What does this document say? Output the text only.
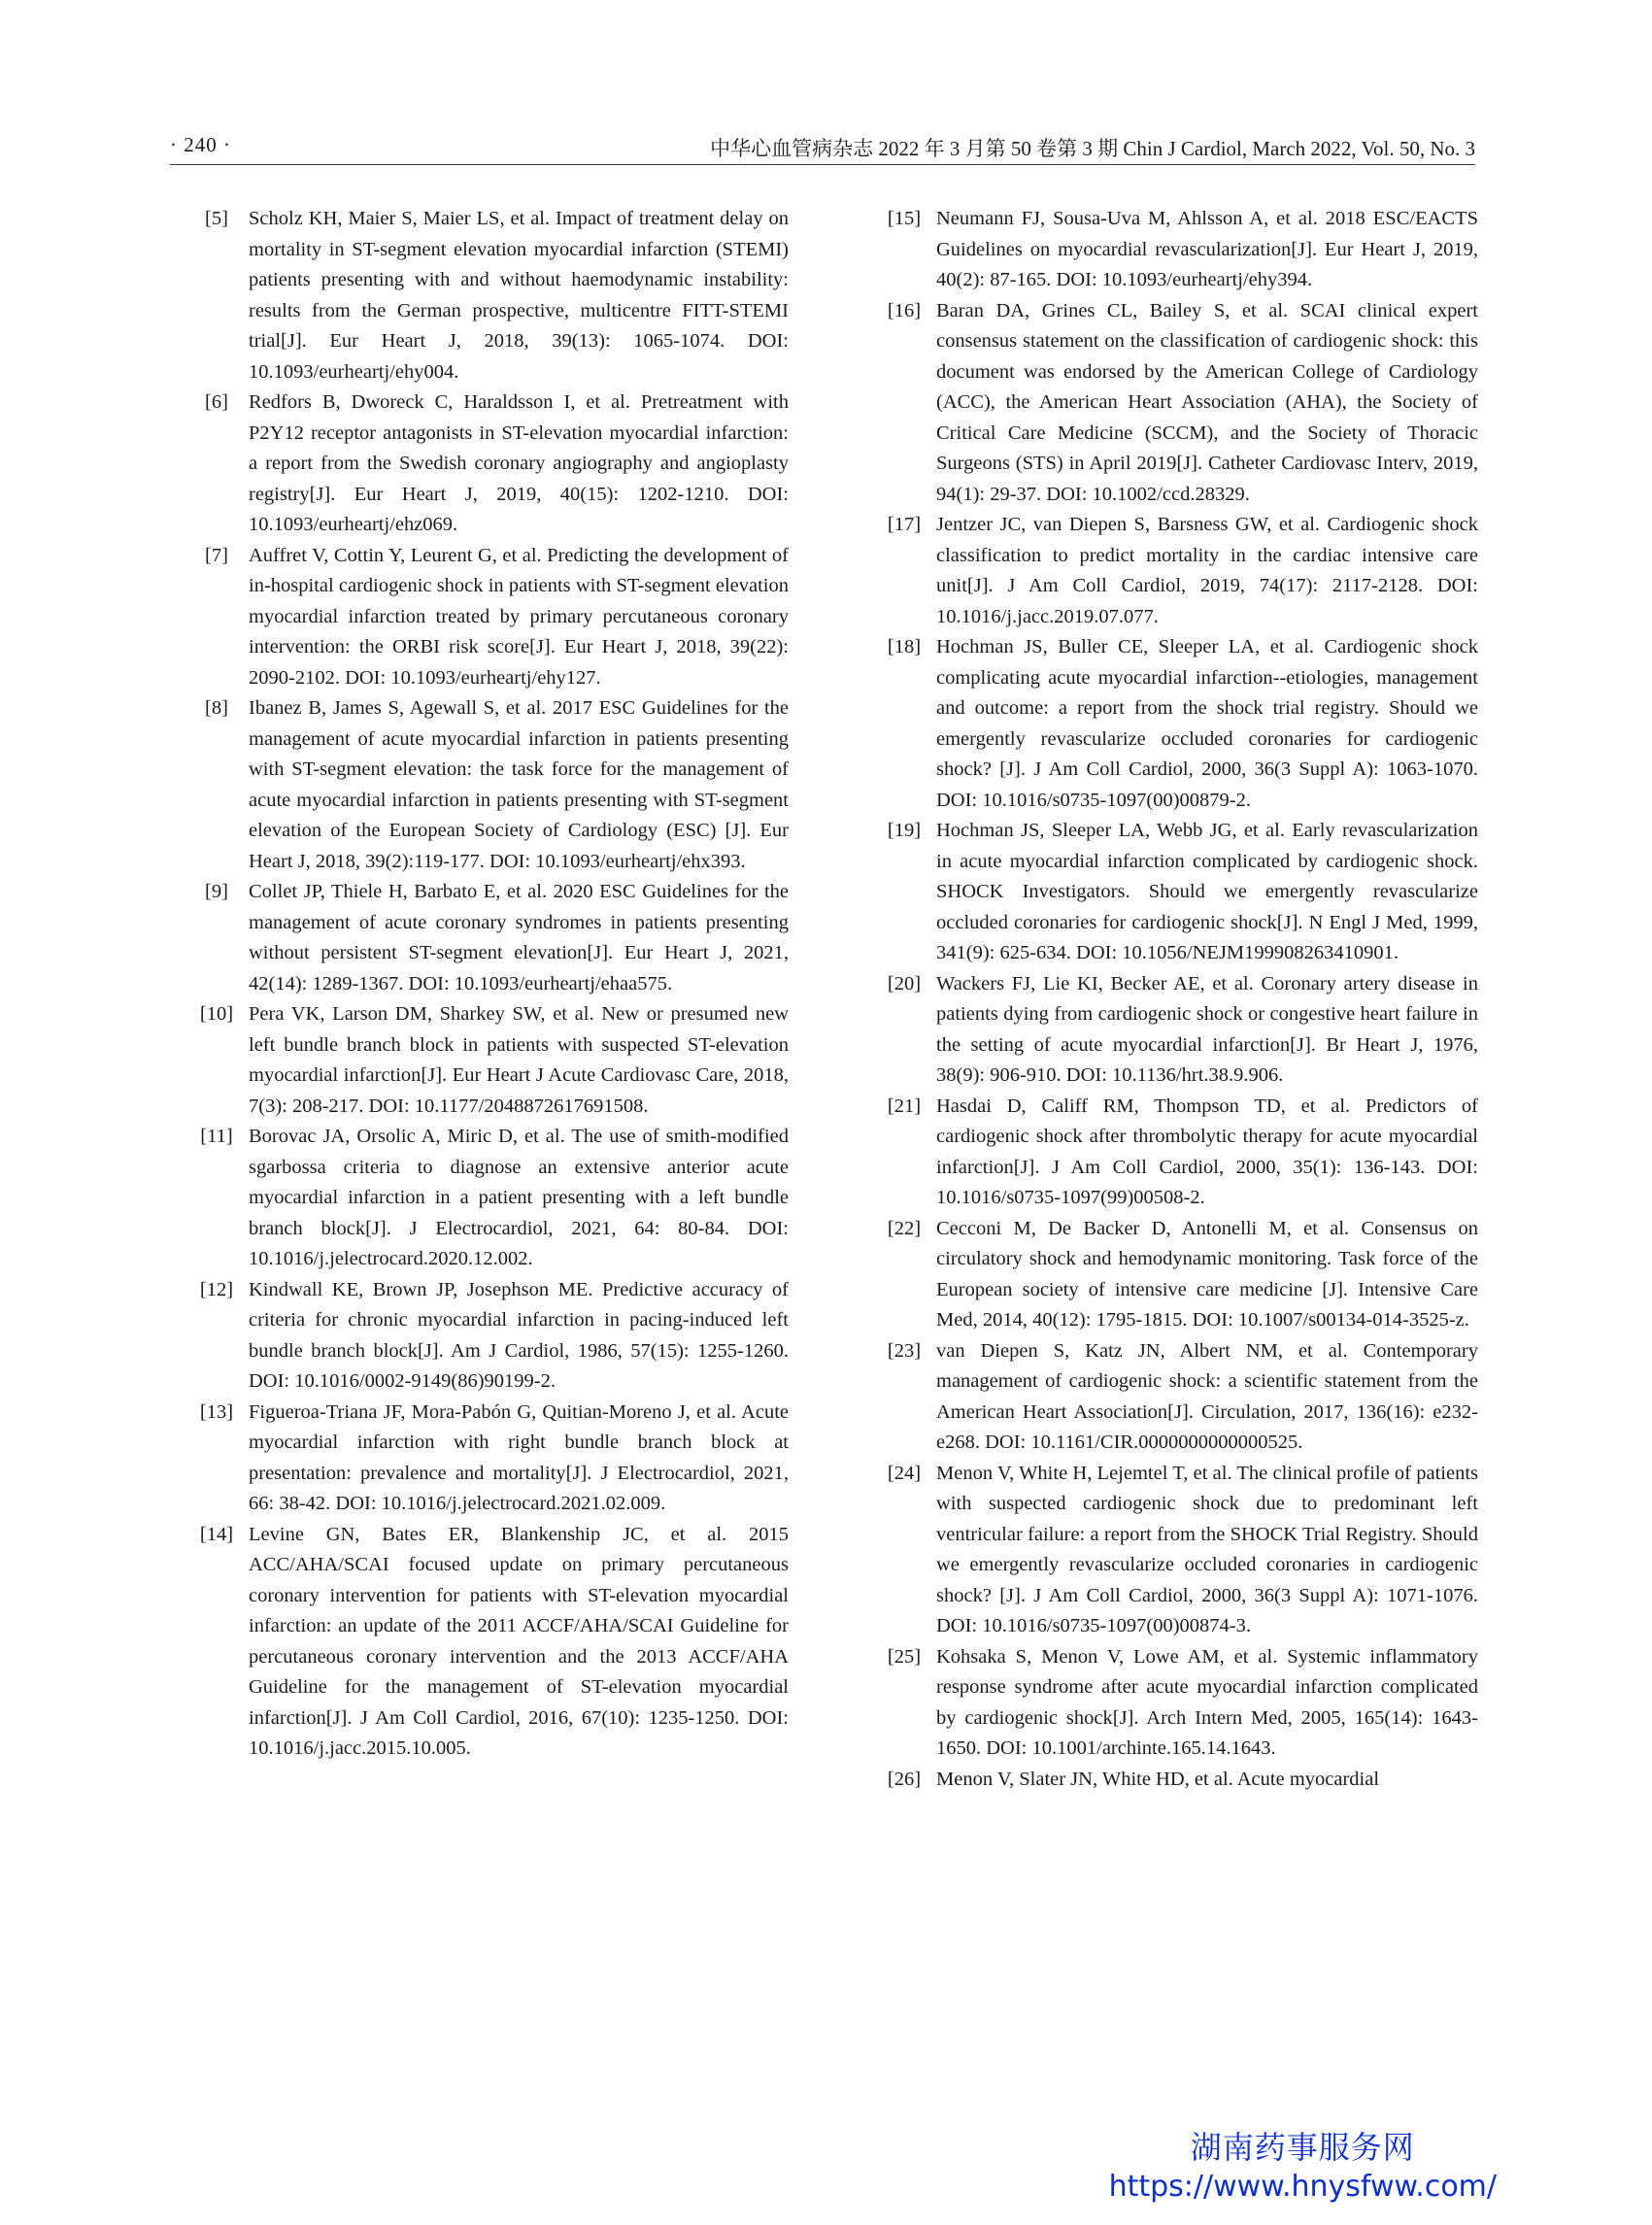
· 240 ·	中华心血管病杂志 2022 年 3 月第 50 卷第 3 期 Chin J Cardiol, March 2022, Vol. 50, No. 3
[5]	Scholz KH, Maier S, Maier LS, et al. Impact of treatment delay on mortality in ST-segment elevation myocardial infarction (STEMI) patients presenting with and without haemodynamic instability: results from the German prospective, multicentre FITT-STEMI trial[J]. Eur Heart J, 2018, 39(13): 1065-1074. DOI: 10.1093/eurheartj/ehy004.
[6]	Redfors B, Dworeck C, Haraldsson I, et al. Pretreatment with P2Y12 receptor antagonists in ST-elevation myocardial infarction: a report from the Swedish coronary angiography and angioplasty registry[J]. Eur Heart J, 2019, 40(15): 1202-1210. DOI: 10.1093/eurheartj/ehz069.
[7]	Auffret V, Cottin Y, Leurent G, et al. Predicting the development of in-hospital cardiogenic shock in patients with ST-segment elevation myocardial infarction treated by primary percutaneous coronary intervention: the ORBI risk score[J]. Eur Heart J, 2018, 39(22): 2090-2102. DOI: 10.1093/eurheartj/ehy127.
[8]	Ibanez B, James S, Agewall S, et al. 2017 ESC Guidelines for the management of acute myocardial infarction in patients presenting with ST-segment elevation: the task force for the management of acute myocardial infarction in patients presenting with ST-segment elevation of the European Society of Cardiology (ESC) [J]. Eur Heart J, 2018, 39(2):119-177. DOI: 10.1093/eurheartj/ehx393.
[9]	Collet JP, Thiele H, Barbato E, et al. 2020 ESC Guidelines for the management of acute coronary syndromes in patients presenting without persistent ST-segment elevation[J]. Eur Heart J, 2021, 42(14): 1289-1367. DOI: 10.1093/eurheartj/ehaa575.
[10] Pera VK, Larson DM, Sharkey SW, et al. New or presumed new left bundle branch block in patients with suspected ST-elevation myocardial infarction[J]. Eur Heart J Acute Cardiovasc Care, 2018, 7(3): 208-217. DOI: 10.1177/2048872617691508.
[11] Borovac JA, Orsolic A, Miric D, et al. The use of smith-modified sgarbossa criteria to diagnose an extensive anterior acute myocardial infarction in a patient presenting with a left bundle branch block[J]. J Electrocardiol, 2021, 64: 80-84. DOI: 10.1016/j.jelectrocard.2020.12.002.
[12] Kindwall KE, Brown JP, Josephson ME. Predictive accuracy of criteria for chronic myocardial infarction in pacing-induced left bundle branch block[J]. Am J Cardiol, 1986, 57(15): 1255-1260. DOI: 10.1016/0002-9149(86)90199-2.
[13] Figueroa-Triana JF, Mora-Pabón G, Quitian-Moreno J, et al. Acute myocardial infarction with right bundle branch block at presentation: prevalence and mortality[J]. J Electrocardiol, 2021, 66: 38-42. DOI: 10.1016/j.jelectrocard.2021.02.009.
[14] Levine GN, Bates ER, Blankenship JC, et al. 2015 ACC/AHA/SCAI focused update on primary percutaneous coronary intervention for patients with ST-elevation myocardial infarction: an update of the 2011 ACCF/AHA/SCAI Guideline for percutaneous coronary intervention and the 2013 ACCF/AHA Guideline for the management of ST-elevation myocardial infarction[J]. J Am Coll Cardiol, 2016, 67(10): 1235-1250. DOI: 10.1016/j.jacc.2015.10.005.
[15] Neumann FJ, Sousa-Uva M, Ahlsson A, et al. 2018 ESC/EACTS Guidelines on myocardial revascularization[J]. Eur Heart J, 2019, 40(2): 87-165. DOI: 10.1093/eurheartj/ehy394.
[16] Baran DA, Grines CL, Bailey S, et al. SCAI clinical expert consensus statement on the classification of cardiogenic shock: this document was endorsed by the American College of Cardiology (ACC), the American Heart Association (AHA), the Society of Critical Care Medicine (SCCM), and the Society of Thoracic Surgeons (STS) in April 2019[J]. Catheter Cardiovasc Interv, 2019, 94(1): 29-37. DOI: 10.1002/ccd.28329.
[17] Jentzer JC, van Diepen S, Barsness GW, et al. Cardiogenic shock classification to predict mortality in the cardiac intensive care unit[J]. J Am Coll Cardiol, 2019, 74(17): 2117-2128. DOI: 10.1016/j.jacc.2019.07.077.
[18] Hochman JS, Buller CE, Sleeper LA, et al. Cardiogenic shock complicating acute myocardial infarction--etiologies, management and outcome: a report from the shock trial registry. Should we emergently revascularize occluded coronaries for cardiogenic shock? [J]. J Am Coll Cardiol, 2000, 36(3 Suppl A): 1063-1070. DOI: 10.1016/s0735-1097(00)00879-2.
[19] Hochman JS, Sleeper LA, Webb JG, et al. Early revascularization in acute myocardial infarction complicated by cardiogenic shock. SHOCK Investigators. Should we emergently revascularize occluded coronaries for cardiogenic shock[J]. N Engl J Med, 1999, 341(9): 625-634. DOI: 10.1056/NEJM199908263410901.
[20] Wackers FJ, Lie KI, Becker AE, et al. Coronary artery disease in patients dying from cardiogenic shock or congestive heart failure in the setting of acute myocardial infarction[J]. Br Heart J, 1976, 38(9): 906-910. DOI: 10.1136/hrt.38.9.906.
[21] Hasdai D, Califf RM, Thompson TD, et al. Predictors of cardiogenic shock after thrombolytic therapy for acute myocardial infarction[J]. J Am Coll Cardiol, 2000, 35(1): 136-143. DOI: 10.1016/s0735-1097(99)00508-2.
[22] Cecconi M, De Backer D, Antonelli M, et al. Consensus on circulatory shock and hemodynamic monitoring. Task force of the European society of intensive care medicine [J]. Intensive Care Med, 2014, 40(12): 1795-1815. DOI: 10.1007/s00134-014-3525-z.
[23] van Diepen S, Katz JN, Albert NM, et al. Contemporary management of cardiogenic shock: a scientific statement from the American Heart Association[J]. Circulation, 2017, 136(16): e232-e268. DOI: 10.1161/CIR.0000000000000525.
[24] Menon V, White H, Lejemtel T, et al. The clinical profile of patients with suspected cardiogenic shock due to predominant left ventricular failure: a report from the SHOCK Trial Registry. Should we emergently revascularize occluded coronaries in cardiogenic shock? [J]. J Am Coll Cardiol, 2000, 36(3 Suppl A): 1071-1076. DOI: 10.1016/s0735-1097(00)00874-3.
[25] Kohsaka S, Menon V, Lowe AM, et al. Systemic inflammatory response syndrome after acute myocardial infarction complicated by cardiogenic shock[J]. Arch Intern Med, 2005, 165(14): 1643-1650. DOI: 10.1001/archinte.165.14.1643.
[26] Menon V, Slater JN, White HD, et al. Acute myocardial
湖南药事服务网
https://www.hnysfww.com/
